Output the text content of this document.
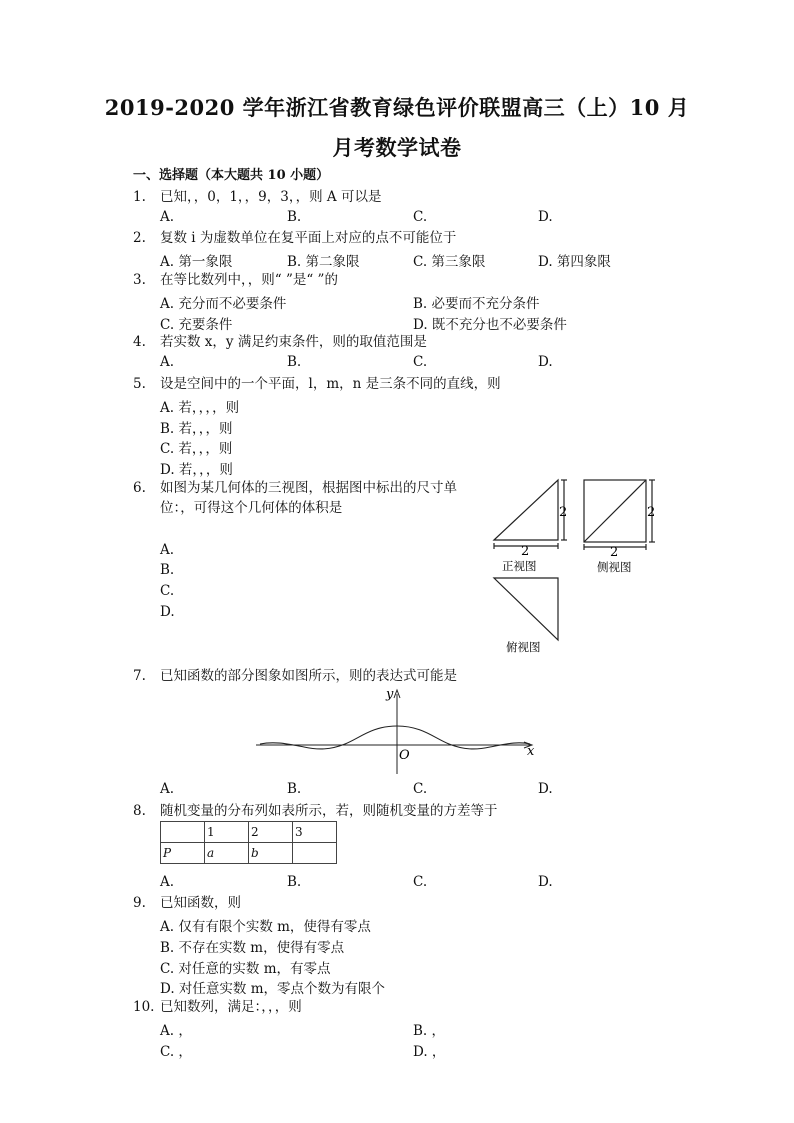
2019-2020 学年浙江省教育绿色评价联盟高三（上）10 月
月考数学试卷
一、选择题（本大题共 10 小题）
1.	已知，，0，1，，9，3，，则 A 可以是
A.	B.	C.	D.
2.	复数 i 为虚数单位在复平面上对应的点不可能位于
A. 第一象限	B. 第二象限	C. 第三象限	D. 第四象限
3.	在等比数列中，，则“ ”是“ ”的
A. 充分而不必要条件	B. 必要而不充分条件
C. 充要条件	D. 既不充分也不必要条件
4.	若实数 x，y 满足约束条件，则的取值范围是
A.	B.	C.	D.
5.	设是空间中的一个平面，l，m，n 是三条不同的直线，则
A. 若，，，，则
B. 若，，，则
C. 若，，，则
D. 若，，，则
6.	如图为某几何体的三视图，根据图中标出的尺寸单
位：，可得这个几何体的体积是
A.
B.
C.
D.
2
2
正视图
2
2
侧视图
俯视图
7.	已知函数的部分图象如图所示，则的表达式可能是
y
x
O
A.	B.	C.	D.
8.	随机变量的分布列如表所示，若，则随机变量的方差等于
	1	2	3
P	a	b	
A.	B.	C.	D.
9.	已知函数，则
A. 仅有有限个实数 m，使得有零点
B. 不存在实数 m，使得有零点
C. 对任意的实数 m，有零点
D. 对任意实数 m，零点个数为有限个
10. 已知数列，满足：，，，则
A. ，	B. ，
C. ，	D. ，
